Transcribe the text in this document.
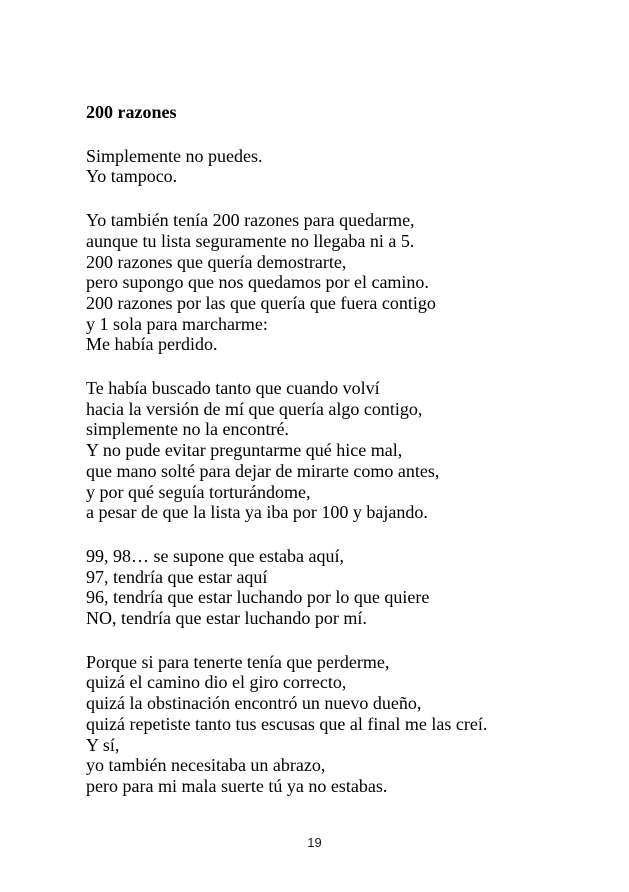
200 razones
Simplemente no puedes.
Yo tampoco.
Yo también tenía 200 razones para quedarme,
aunque tu lista seguramente no llegaba ni a 5.
200 razones que quería demostrarte,
pero supongo que nos quedamos por el camino.
200 razones por las que quería que fuera contigo
y 1 sola para marcharme:
Me había perdido.
Te había buscado tanto que cuando volví
hacia la versión de mí que quería algo contigo,
simplemente no la encontré.
Y no pude evitar preguntarme qué hice mal,
que mano solté para dejar de mirarte como antes,
y por qué seguía torturándome,
a pesar de que la lista ya iba por 100 y bajando.
99, 98… se supone que estaba aquí,
97, tendría que estar aquí
96, tendría que estar luchando por lo que quiere
NO, tendría que estar luchando por mí.
Porque si para tenerte tenía que perderme,
quizá el camino dio el giro correcto,
quizá la obstinación encontró un nuevo dueño,
quizá repetiste tanto tus escusas que al final me las creí.
Y sí,
yo también necesitaba un abrazo,
pero para mi mala suerte tú ya no estabas.
19
